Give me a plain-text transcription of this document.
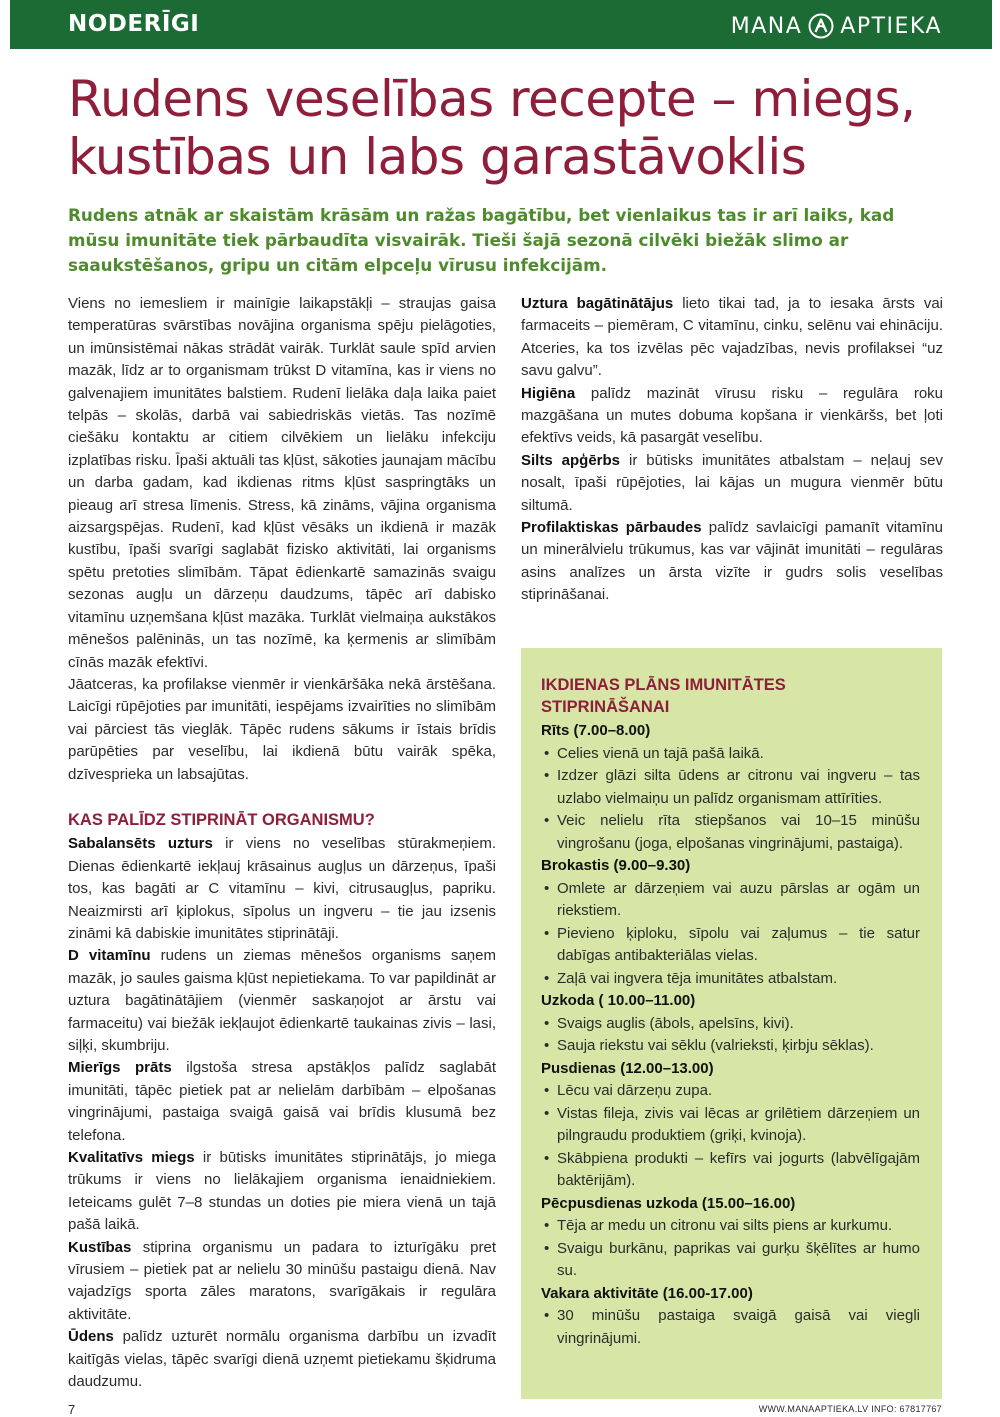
NODERĪGI	MANA APTIEKA
Rudens veselības recepte – miegs,
kustības un labs garastāvoklis

Rudens atnāk ar skaistām krāsām un ražas bagātību, bet vienlaikus tas ir arī laiks, kad mūsu imunitāte tiek pārbaudīta visvairāk. Tieši šajā sezonā cilvēki biežāk slimo ar saaukstēšanos, gripu un citām elpceļu vīrusu infekcijām.

Viens no iemesliem ir mainīgie laikapstākļi – straujas gaisa temperatūras svārstības novājina organisma spēju pielāgoties, un imūnsistēmai nākas strādāt vairāk. Turklāt saule spīd arvien mazāk, līdz ar to organismam trūkst D vitamīna, kas ir viens no galvenajiem imunitātes balstiem. Rudenī lielāka daļa laika paiet telpās – skolās, darbā vai sabiedriskās vietās. Tas nozīmē ciešāku kontaktu ar citiem cilvēkiem un lielāku infekciju izplatības risku. Īpaši aktuāli tas kļūst, sākoties jaunajam mācību un darba gadam, kad ikdienas ritms kļūst saspringtāks un pieaug arī stresa līmenis. Stress, kā zināms, vājina organisma aizsargspējas. Rudenī, kad kļūst vēsāks un ikdienā ir mazāk kustību, īpaši svarīgi saglabāt fizisko aktivitāti, lai organisms spētu pretoties slimībām. Tāpat ēdienkartē samazinās svaigu sezonas augļu un dārzeņu daudzums, tāpēc arī dabisko vitamīnu uzņemšana kļūst mazāka. Turklāt vielmaiņa aukstākos mēnešos palēninās, un tas nozīmē, ka ķermenis ar slimībām cīnās mazāk efektīvi.

Jāatceras, ka profilakse vienmēr ir vienkāršāka nekā ārstēšana. Laicīgi rūpējoties par imunitāti, iespējams izvairīties no slimībām vai pārciest tās vieglāk. Tāpēc rudens sākums ir īstais brīdis parūpēties par veselību, lai ikdienā būtu vairāk spēka, dzīvesprieka un labsajūtas.

KAS PALĪDZ STIPRINĀT ORGANISMU?

Sabalansēts uzturs ir viens no veselības stūrakmeņiem. Dienas ēdienkartē iekļauj krāsainus augļus un dārzeņus, īpaši tos, kas bagāti ar C vitamīnu – kivi, citrusaugļus, papriku. Neaizmirsti arī ķiplokus, sīpolus un ingveru – tie jau izsenis zināmi kā dabiskie imunitātes stiprinātāji.

D vitamīnu rudens un ziemas mēnešos organisms saņem mazāk, jo saules gaisma kļūst nepietiekama. To var papildināt ar uztura bagātinātājiem (vienmēr saskaņojot ar ārstu vai farmaceitu) vai biežāk iekļaujot ēdienkartē taukainas zivis – lasi, siļķi, skumbriju.

Mierīgs prāts ilgstoša stresa apstākļos palīdz saglabāt imunitāti, tāpēc pietiek pat ar nelielām darbībām – elpošanas vingrinājumi, pastaiga svaigā gaisā vai brīdis klusumā bez telefona.

Kvalitatīvs miegs ir būtisks imunitātes stiprinātājs, jo miega trūkums ir viens no lielākajiem organisma ienaidniekiem. Ieteicams gulēt 7–8 stundas un doties pie miera vienā un tajā pašā laikā.

Kustības stiprina organismu un padara to izturīgāku pret vīrusiem – pietiek pat ar nelielu 30 minūšu pastaigu dienā. Nav vajadzīgs sporta zāles maratons, svarīgākais ir regulāra aktivitāte.

Ūdens palīdz uzturēt normālu organisma darbību un izvadīt kaitīgās vielas, tāpēc svarīgi dienā uzņemt pietiekamu šķidruma daudzumu.

Uztura bagātinātājus lieto tikai tad, ja to iesaka ārsts vai farmaceits – piemēram, C vitamīnu, cinku, selēnu vai ehināciju. Atceries, ka tos izvēlas pēc vajadzības, nevis profilaksei “uz savu galvu”.

Higiēna palīdz mazināt vīrusu risku – regulāra roku mazgāšana un mutes dobuma kopšana ir vienkāršs, bet ļoti efektīvs veids, kā pasargāt veselību.

Silts apģērbs ir būtisks imunitātes atbalstam – neļauj sev nosalt, īpaši rūpējoties, lai kājas un mugura vienmēr būtu siltumā.

Profilaktiskas pārbaudes palīdz savlaicīgi pamanīt vitamīnu un minerālvielu trūkumus, kas var vājināt imunitāti – regulāras asins analīzes un ārsta vizīte ir gudrs solis veselības stiprināšanai.

IKDIENAS PLĀNS IMUNITĀTES
STIPRINĀŠANAI
Rīts (7.00–8.00)
• Celies vienā un tajā pašā laikā.
• Izdzer glāzi silta ūdens ar citronu vai ingveru – tas uzlabo vielmaiņu un palīdz organismam attīrīties.
• Veic nelielu rīta stiepšanos vai 10–15 minūšu vingrošanu (joga, elpošanas vingrinājumi, pastaiga).
Brokastis (9.00–9.30)
• Omlete ar dārzeņiem vai auzu pārslas ar ogām un riekstiem.
• Pievieno ķiploku, sīpolu vai zaļumus – tie satur dabīgas antibakteriālas vielas.
• Zaļā vai ingvera tēja imunitātes atbalstam.
Uzkoda ( 10.00–11.00)
• Svaigs auglis (ābols, apelsīns, kivi).
• Sauja riekstu vai sēklu (valrieksti, ķirbju sēklas).
Pusdienas (12.00–13.00)
• Lēcu vai dārzeņu zupa.
• Vistas fileja, zivis vai lēcas ar grilētiem dārzeņiem un pilngraudu produktiem (griķi, kvinoja).
• Skābpiena produkti – kefīrs vai jogurts (labvēlīgajām baktērijām).
Pēcpusdienas uzkoda (15.00–16.00)
• Tēja ar medu un citronu vai silts piens ar kurkumu.
• Svaigu burkānu, paprikas vai gurķu šķēlītes ar humo su.
Vakara aktivitāte (16.00-17.00)
• 30 minūšu pastaiga svaigā gaisā vai viegli vingrinājumi.
7	WWW.MANAAPTIEKA.LV INFO: 67817767
